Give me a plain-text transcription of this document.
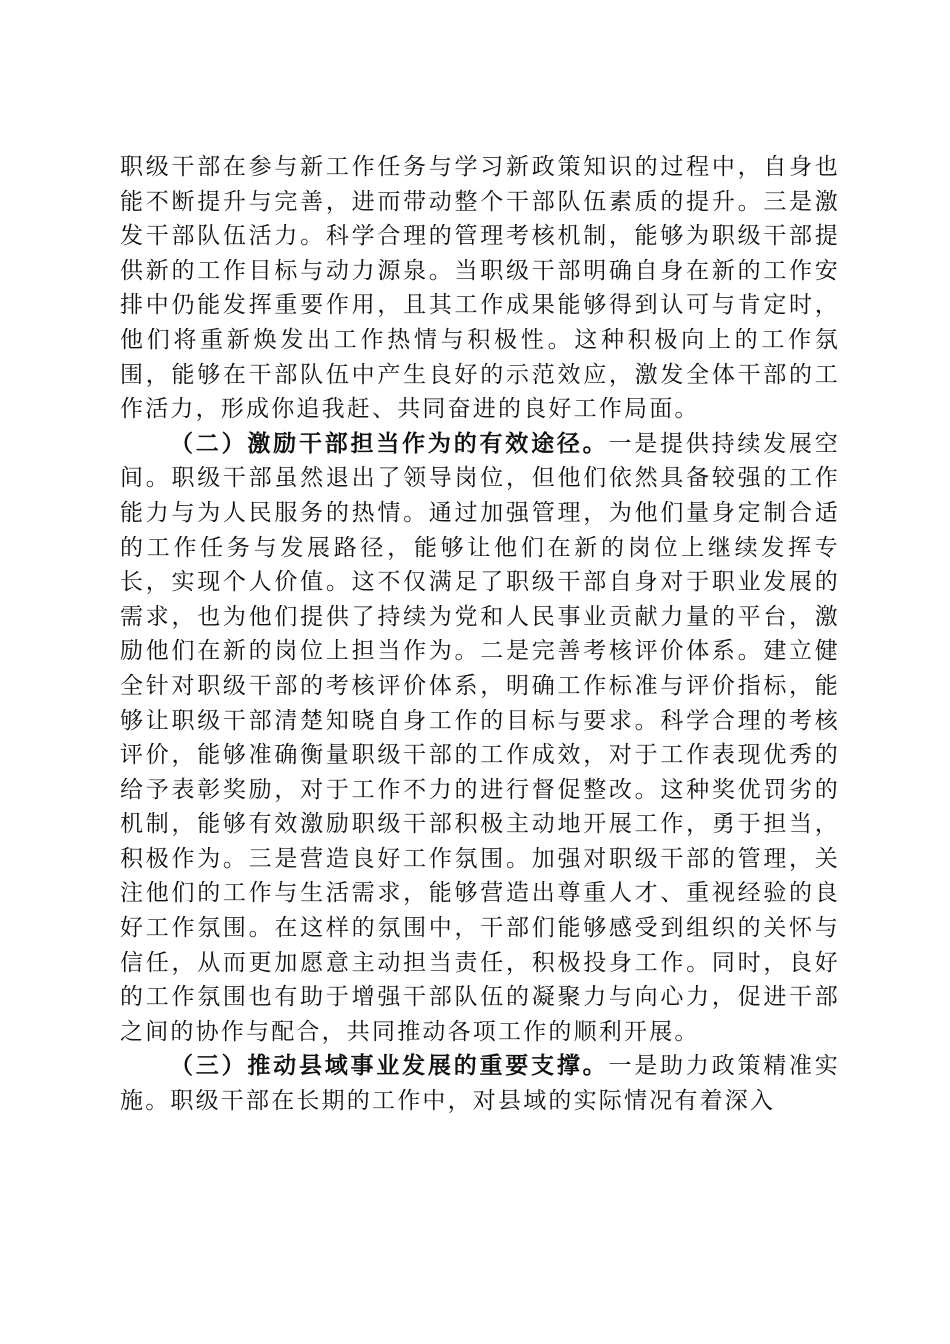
职级干部在参与新工作任务与学习新政策知识的过程中，自身也能不断提升与完善，进而带动整个干部队伍素质的提升。三是激发干部队伍活力。科学合理的管理考核机制，能够为职级干部提供新的工作目标与动力源泉。当职级干部明确自身在新的工作安排中仍能发挥重要作用，且其工作成果能够得到认可与肯定时，他们将重新焕发出工作热情与积极性。这种积极向上的工作氛围，能够在干部队伍中产生良好的示范效应，激发全体干部的工作活力，形成你追我赶、共同奋进的良好工作局面。

（二）激励干部担当作为的有效途径。一是提供持续发展空间。职级干部虽然退出了领导岗位，但他们依然具备较强的工作能力与为人民服务的热情。通过加强管理，为他们量身定制合适的工作任务与发展路径，能够让他们在新的岗位上继续发挥专长，实现个人价值。这不仅满足了职级干部自身对于职业发展的需求，也为他们提供了持续为党和人民事业贡献力量的平台，激励他们在新的岗位上担当作为。二是完善考核评价体系。建立健全针对职级干部的考核评价体系，明确工作标准与评价指标，能够让职级干部清楚知晓自身工作的目标与要求。科学合理的考核评价，能够准确衡量职级干部的工作成效，对于工作表现优秀的给予表彰奖励，对于工作不力的进行督促整改。这种奖优罚劣的机制，能够有效激励职级干部积极主动地开展工作，勇于担当，积极作为。三是营造良好工作氛围。加强对职级干部的管理，关注他们的工作与生活需求，能够营造出尊重人才、重视经验的良好工作氛围。在这样的氛围中，干部们能够感受到组织的关怀与信任，从而更加愿意主动担当责任，积极投身工作。同时，良好的工作氛围也有助于增强干部队伍的凝聚力与向心力，促进干部之间的协作与配合，共同推动各项工作的顺利开展。

（三）推动县域事业发展的重要支撑。一是助力政策精准实施。职级干部在长期的工作中，对县域的实际情况有着深入
